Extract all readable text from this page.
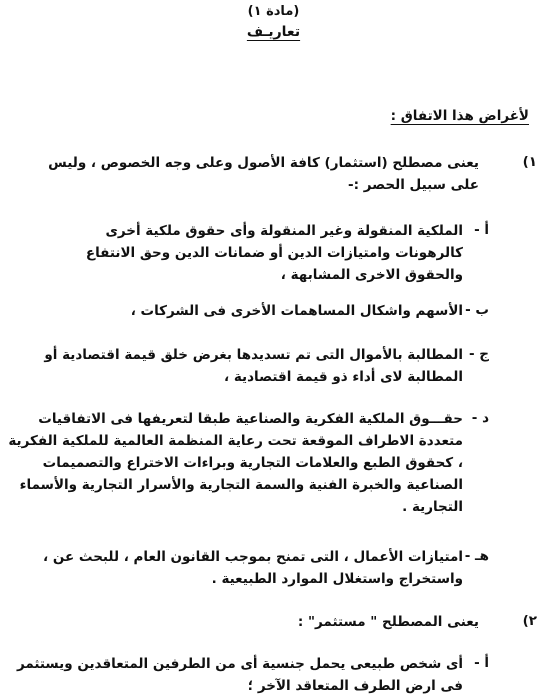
(مادة ١)
تعاريـف
لأغراض هذا الاتفاق :
١)
يعنى مصطلح (استثمار) كافة الأصول وعلى وجه الخصوص ، وليس
على سبيل الحصر :-
أ -
الملكية المنقولة وغير المنقولة وأى حقوق ملكية أخرى
كالرهونات وامتيازات الدين أو ضمانات الدين وحق الانتفاع
والحقوق الاخرى المشابهة ،
ب -
الأسهم واشكال المساهمات الأخرى فى الشركات ،
ج -
المطالبة بالأموال التى تم تسديدها بغرض خلق قيمة اقتصادية أو
المطالبة لاى أداء ذو قيمة اقتصادية ،
د -
حقـــوق الملكية الفكرية والصناعية طبقا لتعريفها فى الاتفاقيات
متعددة الاطراف الموقعة تحت رعاية المنظمة العالمية للملكية الفكرية
، كحقوق الطبع والعلامات التجارية وبراءات الاختراع والتصميمات
الصناعية والخبرة الفنية والسمة التجارية والأسرار التجارية والأسماء
التجارية .
هـ -
امتيازات الأعمال ، التى تمنح بموجب القانون العام ، للبحث عن ،
واستخراج واستغلال الموارد الطبيعية .
٢)
يعنى المصطلح " مستثمر" :
أ -
أى شخص طبيعى يحمل جنسية أى من الطرفين المتعاقدين ويستثمر
فى ارض الطرف المتعاقد الآخر ؛
